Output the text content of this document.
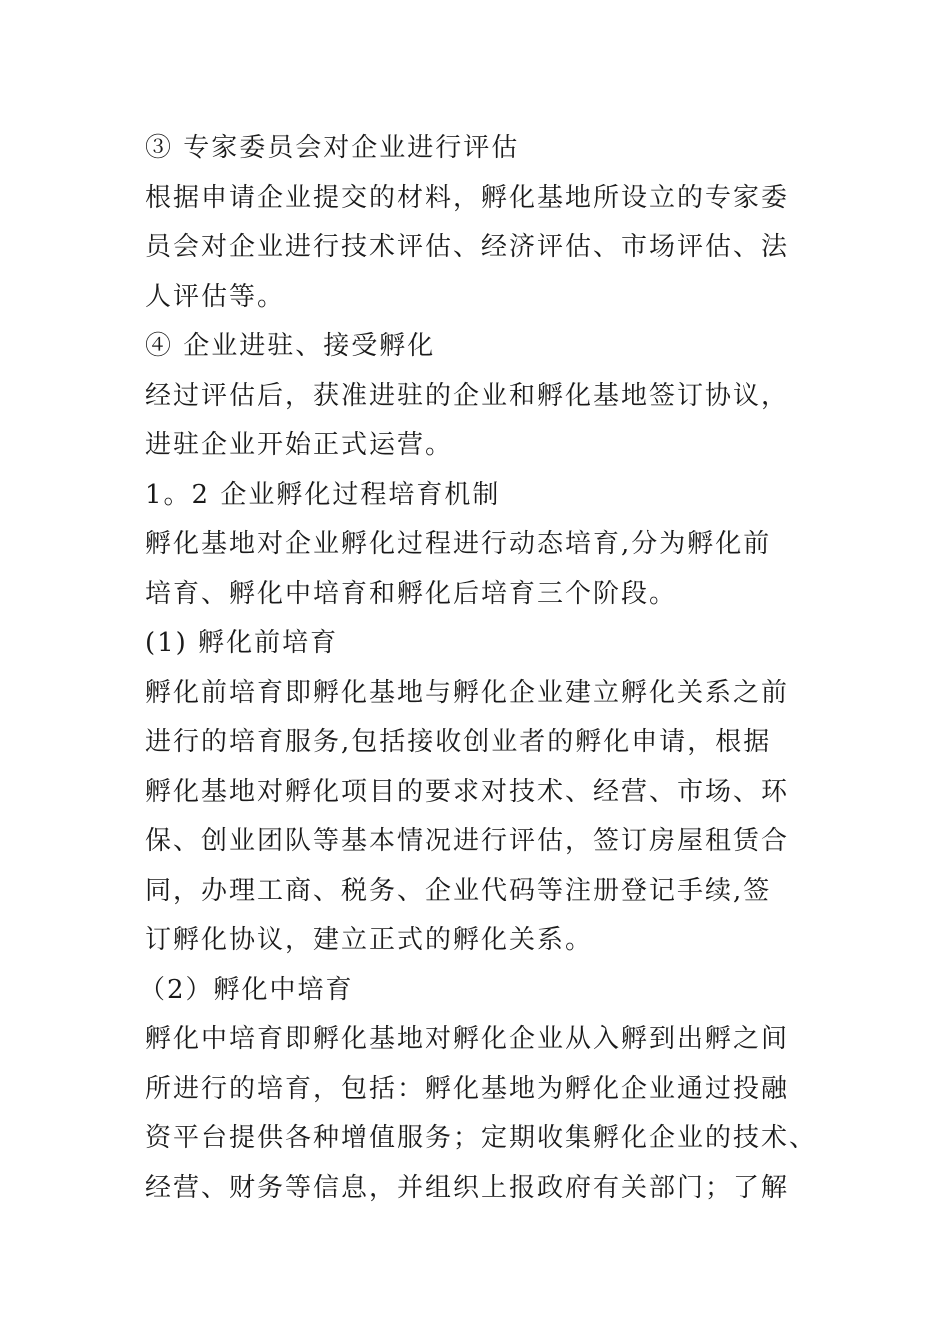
③ 专家委员会对企业进行评估
根据申请企业提交的材料，孵化基地所设立的专家委
员会对企业进行技术评估、经济评估、市场评估、法
人评估等。
④ 企业进驻、接受孵化
经过评估后，获准进驻的企业和孵化基地签订协议，
进驻企业开始正式运营。
1。2 企业孵化过程培育机制
孵化基地对企业孵化过程进行动态培育,分为孵化前
培育、孵化中培育和孵化后培育三个阶段。
(1) 孵化前培育
孵化前培育即孵化基地与孵化企业建立孵化关系之前
进行的培育服务,包括接收创业者的孵化申请，根据
孵化基地对孵化项目的要求对技术、经营、市场、环
保、创业团队等基本情况进行评估，签订房屋租赁合
同，办理工商、税务、企业代码等注册登记手续,签
订孵化协议，建立正式的孵化关系。
（2）孵化中培育
孵化中培育即孵化基地对孵化企业从入孵到出孵之间
所进行的培育，包括：孵化基地为孵化企业通过投融
资平台提供各种增值服务；定期收集孵化企业的技术、
经营、财务等信息，并组织上报政府有关部门；了解
